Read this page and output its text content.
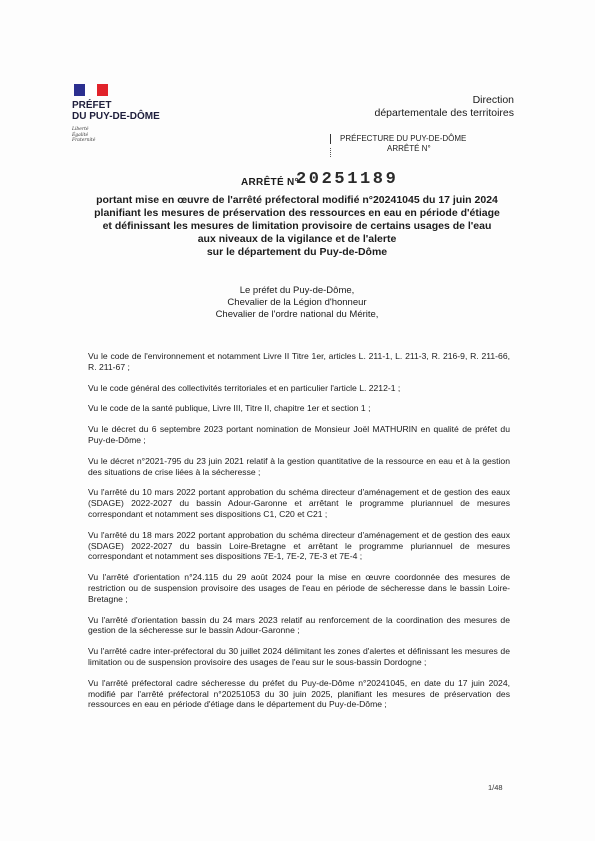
PRÉFET
DU PUY-DE-DÔME
Liberté
Égalité
Fraternité
Direction
départementale des territoires
PRÉFECTURE DU PUY-DE-DÔME
ARRÊTÉ N°
ARRÊTÉ N°
20251189
portant mise en œuvre de l'arrêté préfectoral modifié n°20241045 du 17 juin 2024
planifiant les mesures de préservation des ressources en eau en période d'étiage
et définissant les mesures de limitation provisoire de certains usages de l'eau
aux niveaux de la vigilance et de l'alerte
sur le département du Puy-de-Dôme
Le préfet du Puy-de-Dôme,
Chevalier de la Légion d'honneur
Chevalier de l'ordre national du Mérite,

Vu le code de l'environnement et notamment Livre II Titre 1er, articles L. 211-1, L. 211-3, R. 216-9, R. 211-66, R. 211-67 ;

Vu le code général des collectivités territoriales et en particulier l'article L. 2212-1 ;

Vu le code de la santé publique, Livre III, Titre II, chapitre 1er et section 1 ;

Vu le décret du 6 septembre 2023 portant nomination de Monsieur Joël MATHURIN en qualité de préfet du Puy-de-Dôme ;

Vu le décret n°2021-795 du 23 juin 2021 relatif à la gestion quantitative de la ressource en eau et à la gestion des situations de crise liées à la sécheresse ;

Vu l'arrêté du 10 mars 2022 portant approbation du schéma directeur d'aménagement et de gestion des eaux (SDAGE) 2022-2027 du bassin Adour-Garonne et arrêtant le programme pluriannuel de mesures correspondant et notamment ses dispositions C1, C20 et C21 ;

Vu l'arrêté du 18 mars 2022 portant approbation du schéma directeur d'aménagement et de gestion des eaux (SDAGE) 2022-2027 du bassin Loire-Bretagne et arrêtant le programme pluriannuel de mesures correspondant et notamment ses dispositions 7E-1, 7E-2, 7E-3 et 7E-4 ;

Vu l'arrêté d'orientation n°24.115 du 29 août 2024 pour la mise en œuvre coordonnée des mesures de restriction ou de suspension provisoire des usages de l'eau en période de sécheresse dans le bassin Loire-Bretagne ;

Vu l'arrêté d'orientation bassin du 24 mars 2023 relatif au renforcement de la coordination des mesures de gestion de la sécheresse sur le bassin Adour-Garonne ;

Vu l'arrêté cadre inter-préfectoral du 30 juillet 2024 délimitant les zones d'alertes et définissant les mesures de limitation ou de suspension provisoire des usages de l'eau sur le sous-bassin Dordogne ;

Vu l'arrêté préfectoral cadre sécheresse du préfet du Puy-de-Dôme n°20241045, en date du 17 juin 2024, modifié par l'arrêté préfectoral n°20251053 du 30 juin 2025, planifiant les mesures de préservation des ressources en eau en période d'étiage dans le département du Puy-de-Dôme ;

1/48
